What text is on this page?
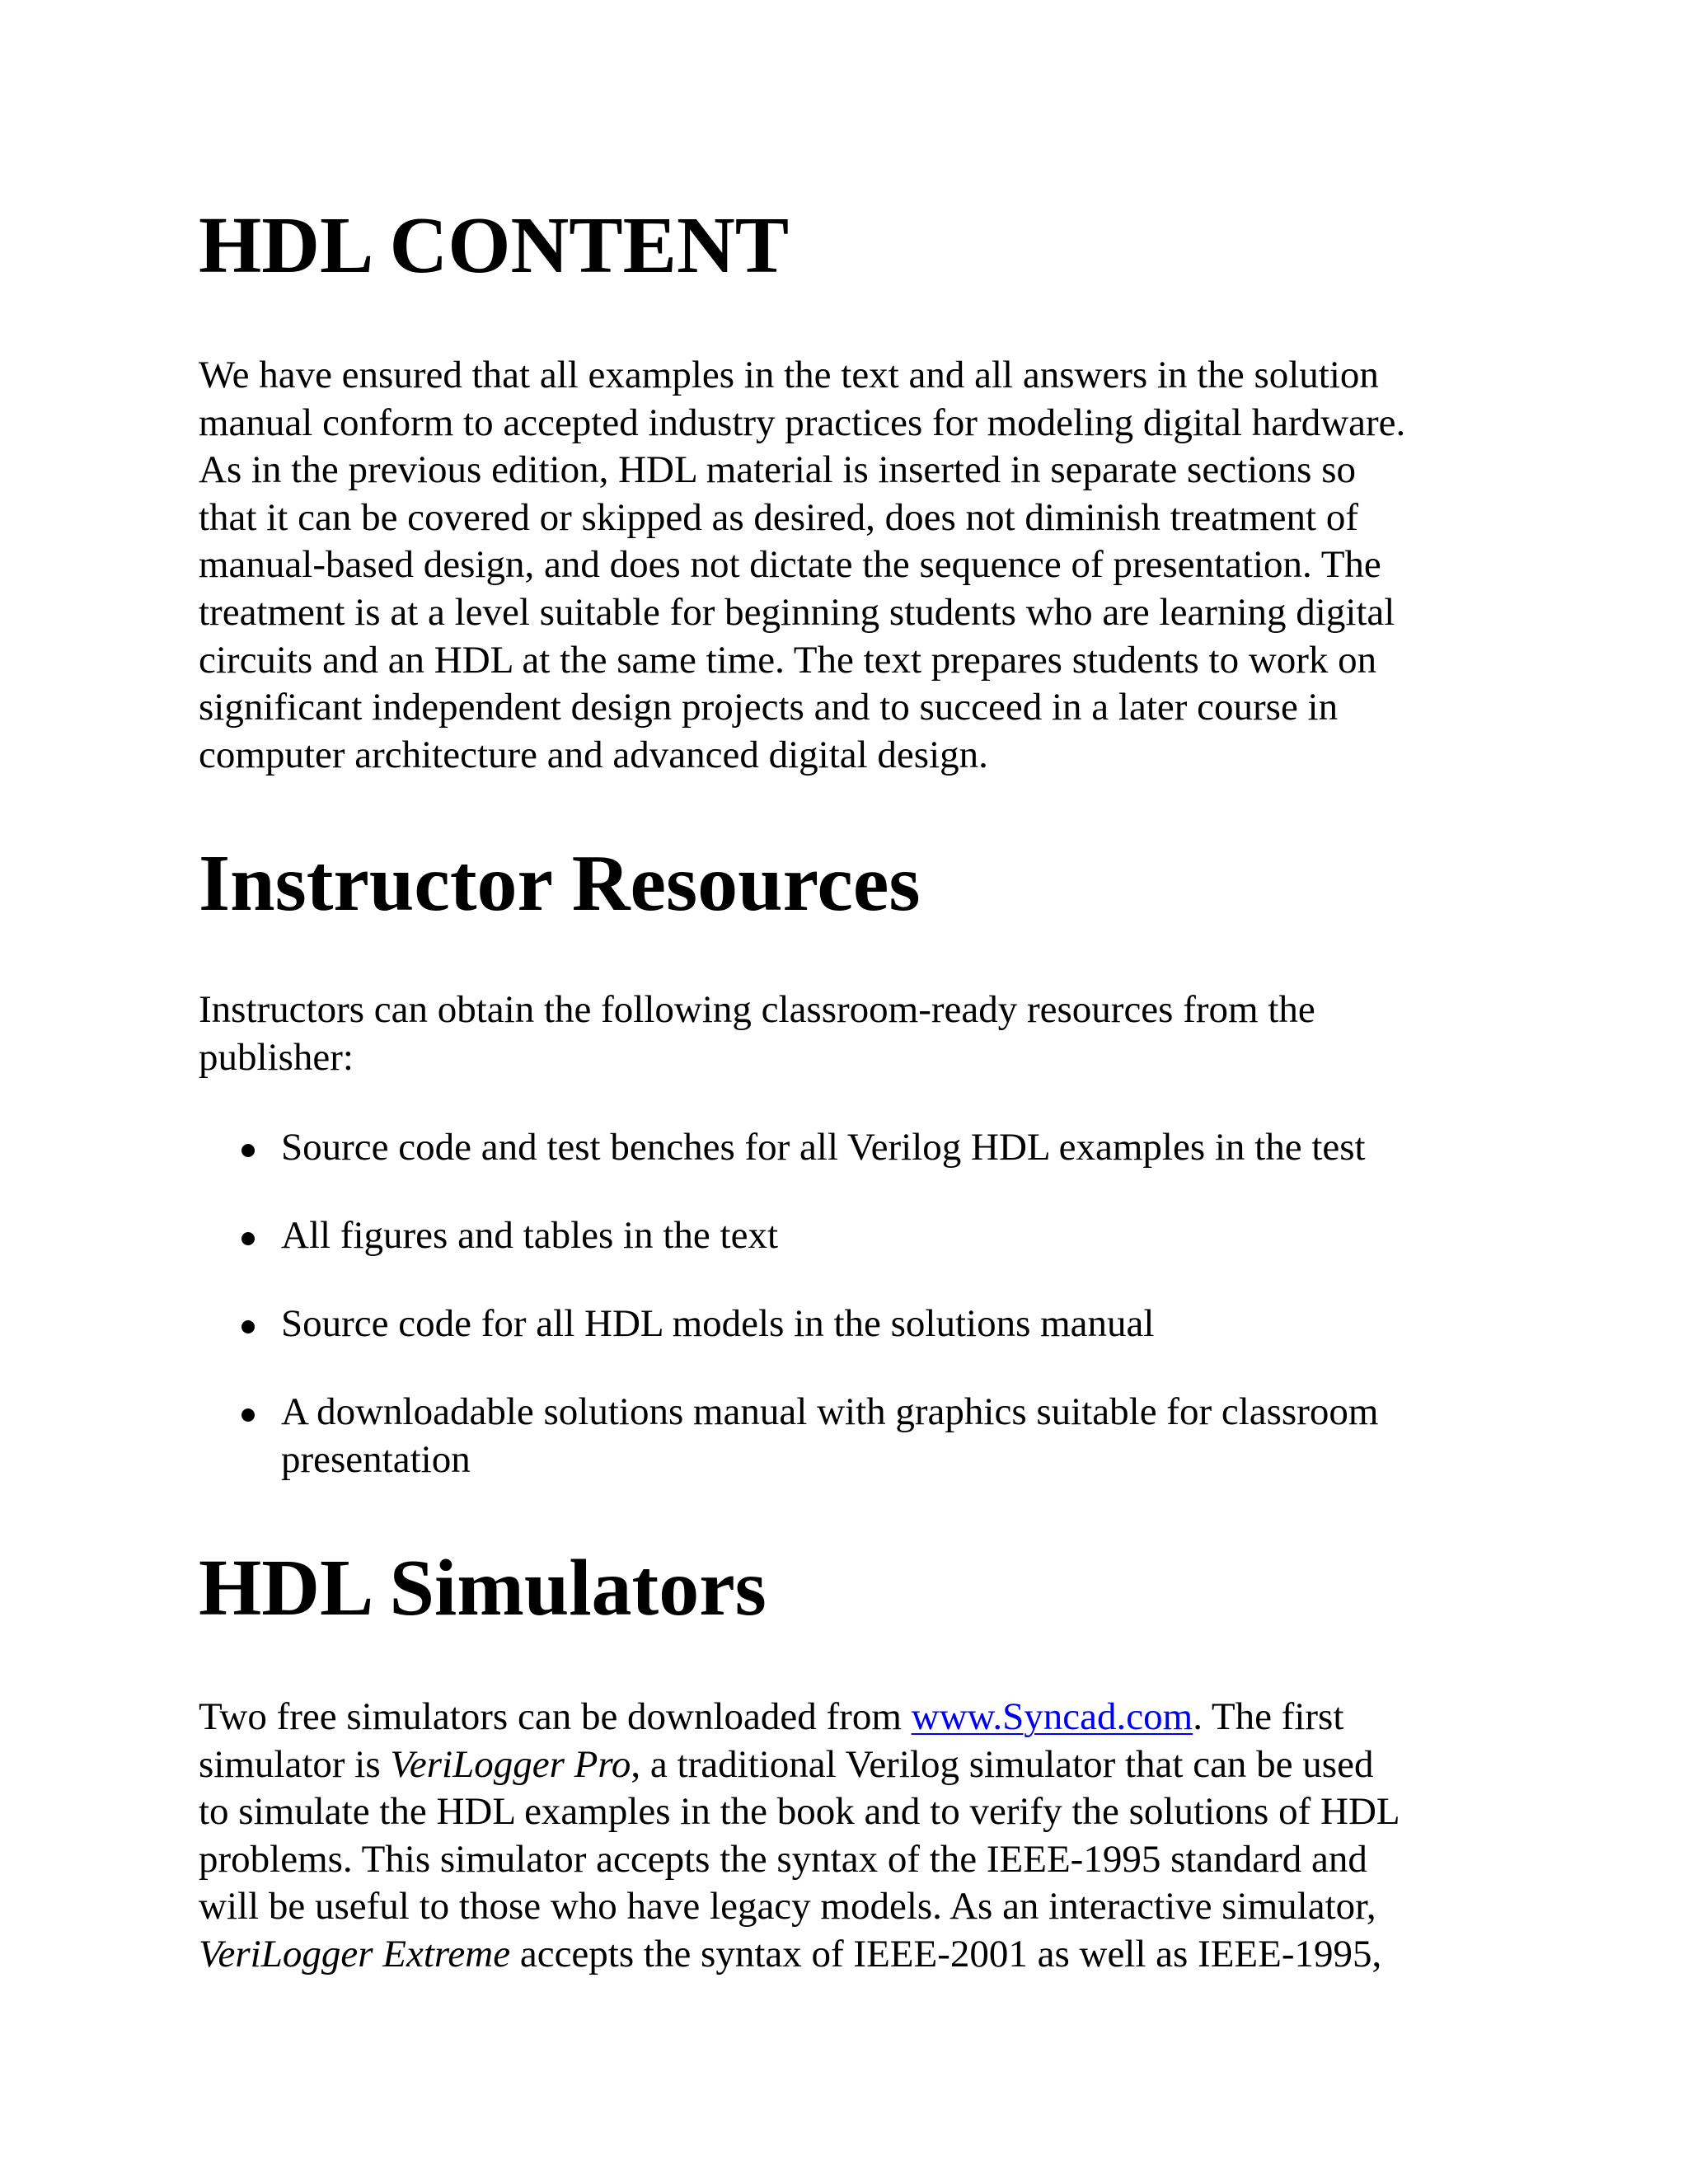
HDL CONTENT

We have ensured that all examples in the text and all answers in the solution
manual conform to accepted industry practices for modeling digital hardware.
As in the previous edition, HDL material is inserted in separate sections so
that it can be covered or skipped as desired, does not diminish treatment of
manual-based design, and does not dictate the sequence of presentation. The
treatment is at a level suitable for beginning students who are learning digital
circuits and an HDL at the same time. The text prepares students to work on
significant independent design projects and to succeed in a later course in
computer architecture and advanced digital design.

Instructor Resources

Instructors can obtain the following classroom-ready resources from the
publisher:

Source code and test benches for all Verilog HDL examples in the test
All figures and tables in the text
Source code for all HDL models in the solutions manual
A downloadable solutions manual with graphics suitable for classroom
presentation
HDL Simulators

Two free simulators can be downloaded from www.Syncad.com. The first
simulator is VeriLogger Pro, a traditional Verilog simulator that can be used
to simulate the HDL examples in the book and to verify the solutions of HDL
problems. This simulator accepts the syntax of the IEEE-1995 standard and
will be useful to those who have legacy models. As an interactive simulator,
VeriLogger Extreme accepts the syntax of IEEE-2001 as well as IEEE-1995,
